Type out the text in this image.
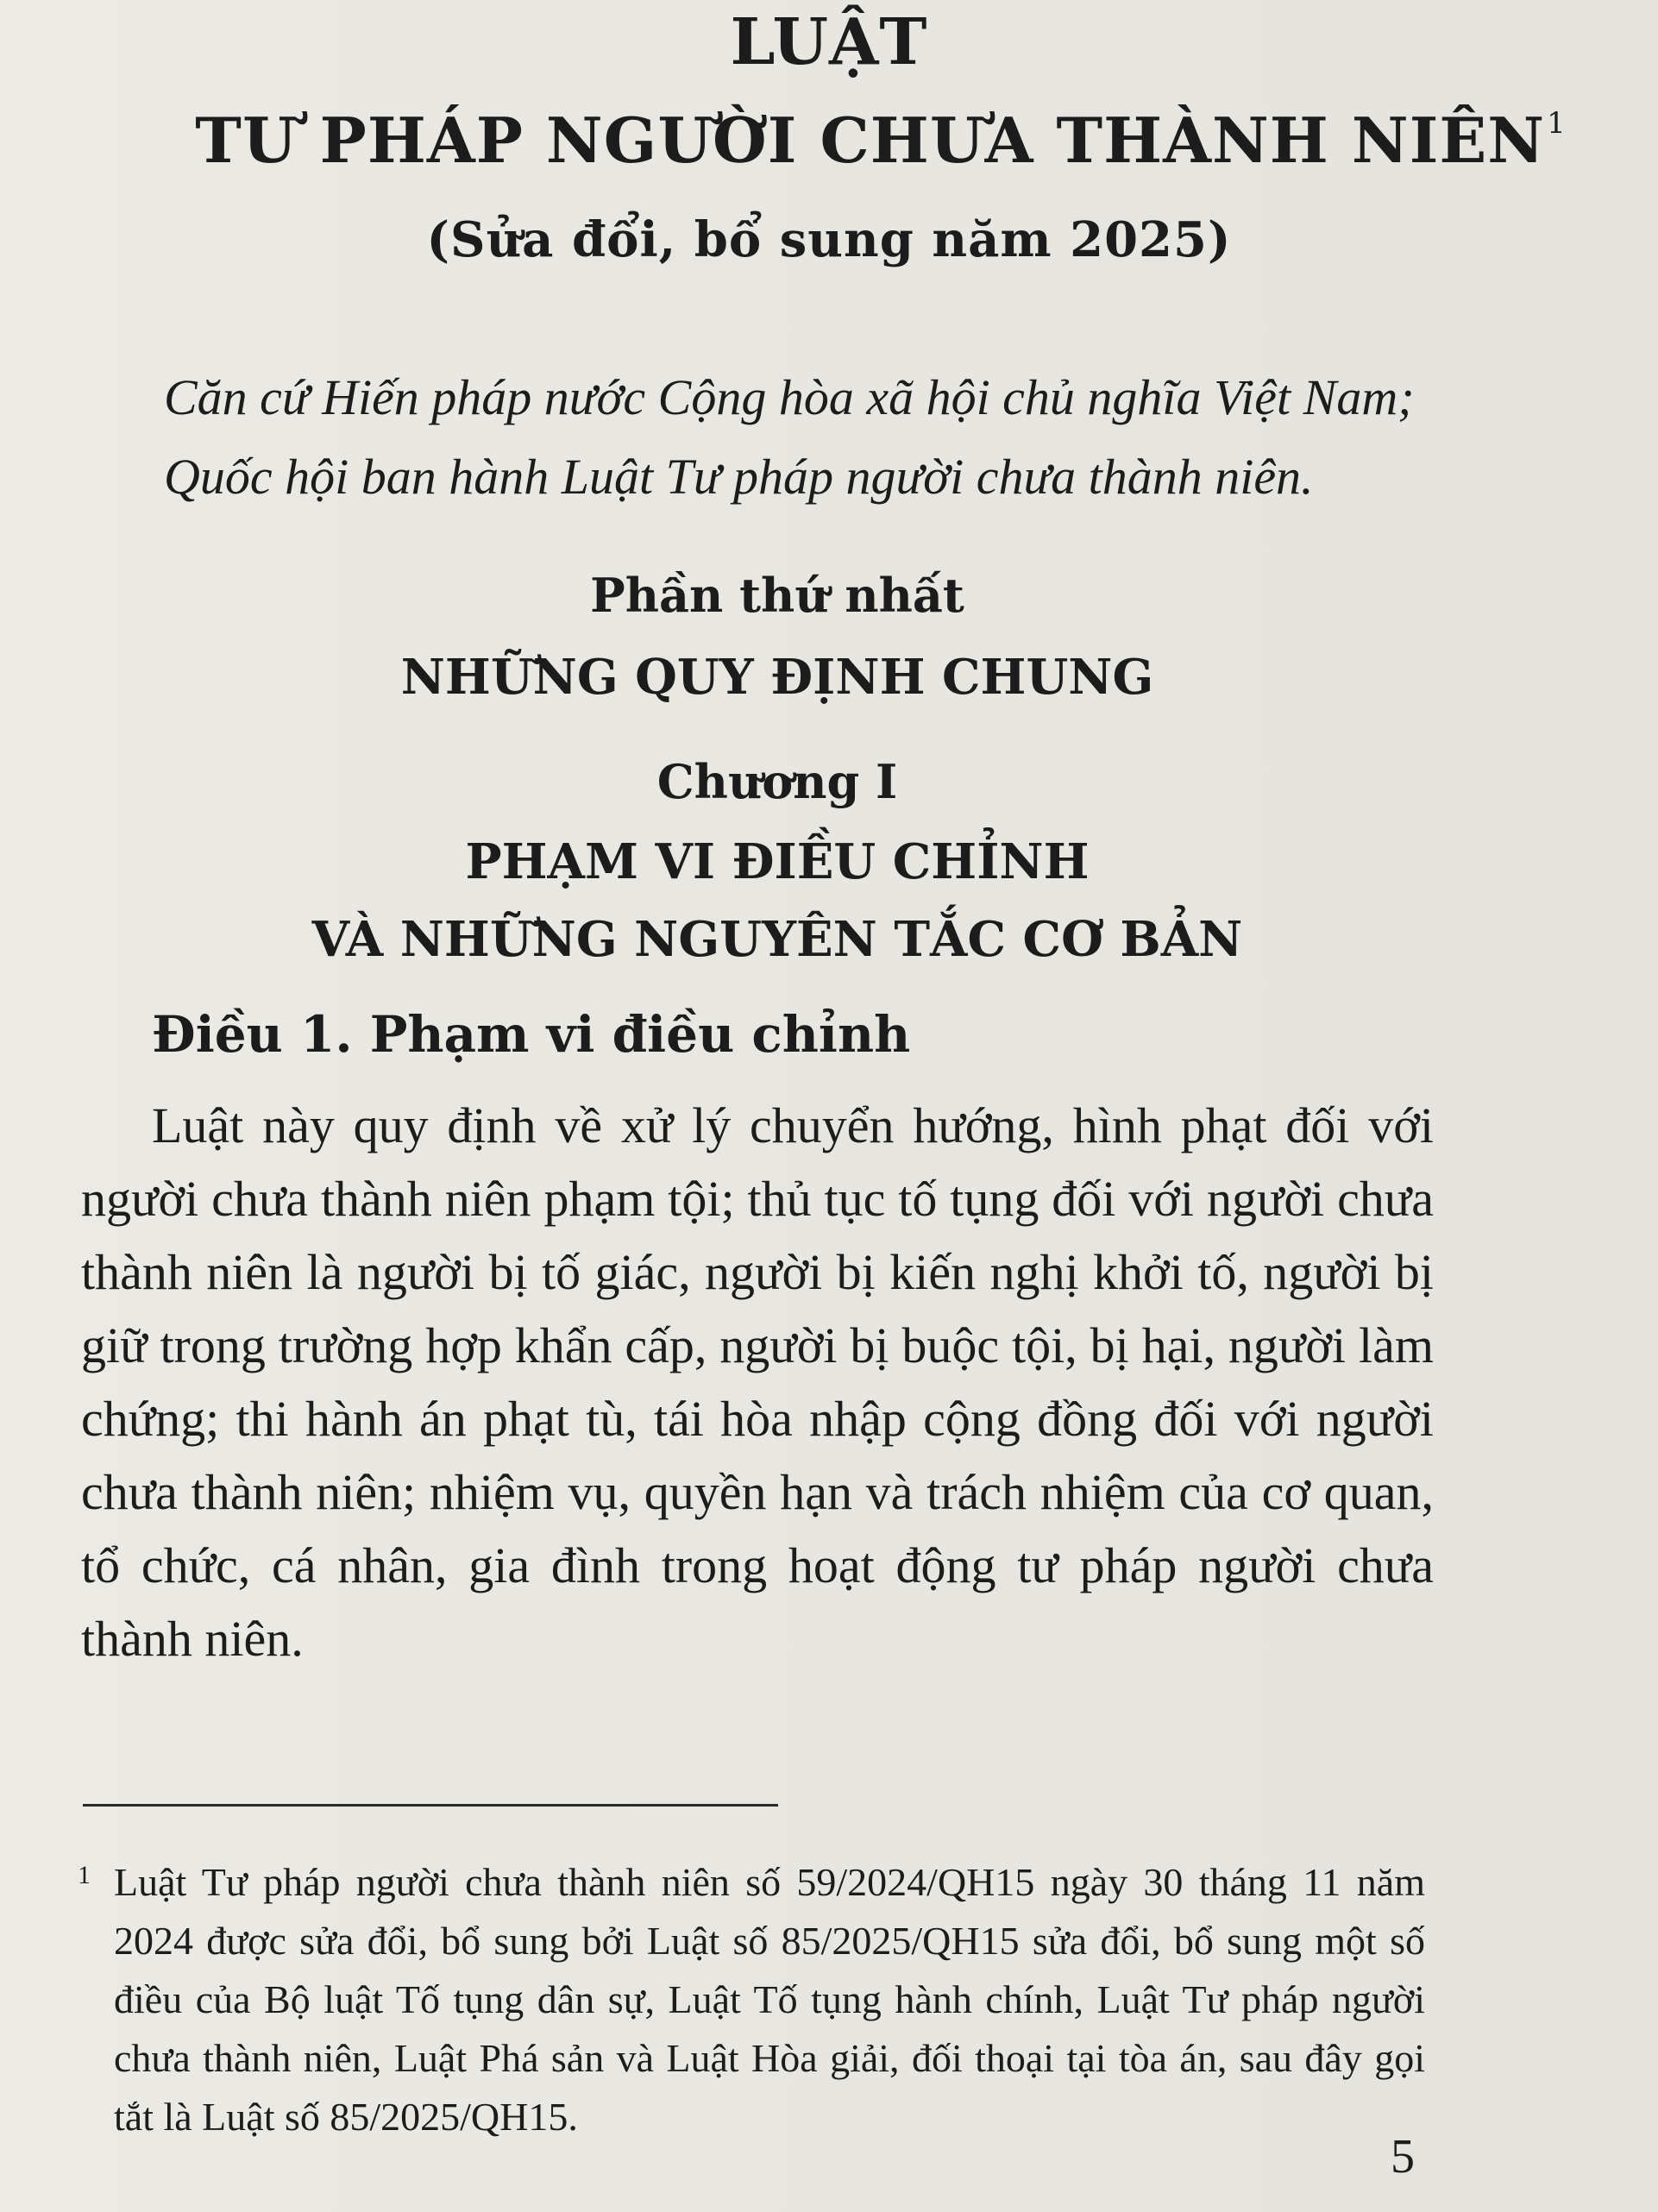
LUẬT
TƯ PHÁP NGƯỜI CHƯA THÀNH NIÊN$^1$
(Sửa đổi, bổ sung năm 2025)
Căn cứ Hiến pháp nước Cộng hòa xã hội chủ nghĩa Việt Nam;
Quốc hội ban hành Luật Tư pháp người chưa thành niên.
Phần thứ nhất
NHỮNG QUY ĐỊNH CHUNG
Chương I
PHẠM VI ĐIỀU CHỈNH
VÀ NHỮNG NGUYÊN TẮC CƠ BẢN
Điều 1. Phạm vi điều chỉnh
Luật này quy định về xử lý chuyển hướng, hình phạt đối với người chưa thành niên phạm tội; thủ tục tố tụng đối với người chưa thành niên là người bị tố giác, người bị kiến nghị khởi tố, người bị giữ trong trường hợp khẩn cấp, người bị buộc tội, bị hại, người làm chứng; thi hành án phạt tù, tái hòa nhập cộng đồng đối với người chưa thành niên; nhiệm vụ, quyền hạn và trách nhiệm của cơ quan, tổ chức, cá nhân, gia đình trong hoạt động tư pháp người chưa thành niên.
1 Luật Tư pháp người chưa thành niên số 59/2024/QH15 ngày 30 tháng 11 năm 2024 được sửa đổi, bổ sung bởi Luật số 85/2025/QH15 sửa đổi, bổ sung một số điều của Bộ luật Tố tụng dân sự, Luật Tố tụng hành chính, Luật Tư pháp người chưa thành niên, Luật Phá sản và Luật Hòa giải, đối thoại tại tòa án, sau đây gọi tắt là Luật số 85/2025/QH15.
5
